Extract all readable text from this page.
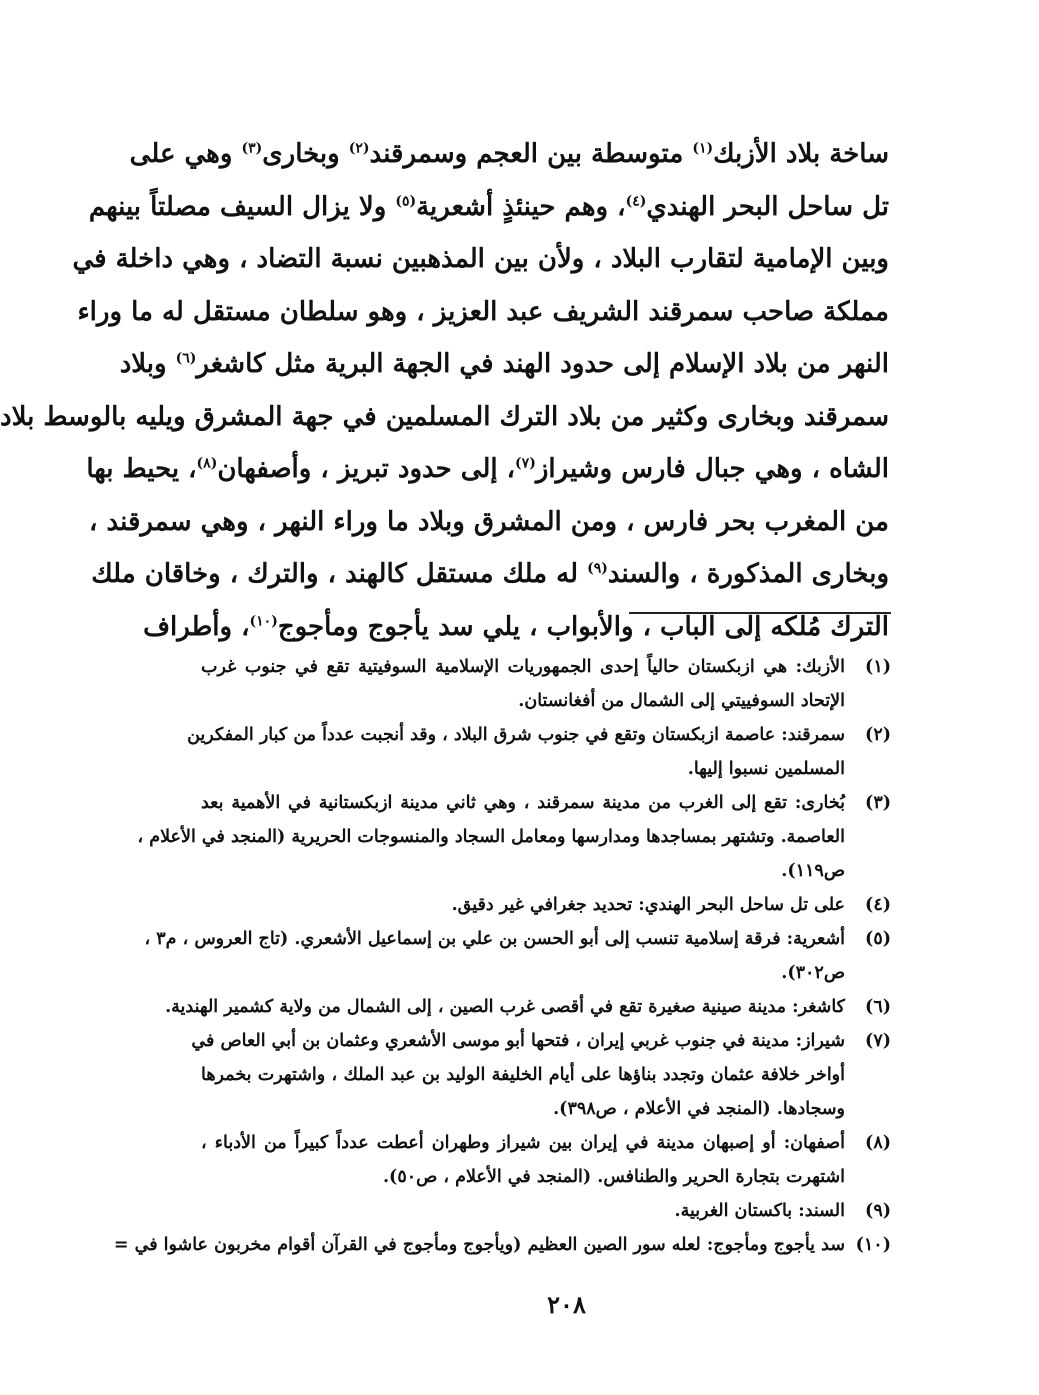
ساخة بلاد الأزبك$^{(١)}$ متوسطة بين العجم وسمرقند$^{(٢)}$ وبخارى$^{(٣)}$ وهي على
تل ساحل البحر الهندي$^{(٤)}$، وهم حينئذٍ أشعرية$^{(٥)}$ ولا يزال السيف مصلتاً بينهم
وبين الإمامية لتقارب البلاد ، ولأن بين المذهبين نسبة التضاد ، وهي داخلة في
مملكة صاحب سمرقند الشريف عبد العزيز ، وهو سلطان مستقل له ما وراء
النهر من بلاد الإسلام إلى حدود الهند في الجهة البرية مثل كاشغر$^{(٦)}$ وبلاد
سمرقند وبخارى وكثير من بلاد الترك المسلمين في جهة المشرق ويليه بالوسط بلاد
الشاه ، وهي جبال فارس وشيراز$^{(٧)}$، إلى حدود تبريز ، وأصفهان$^{(٨)}$، يحيط بها
من المغرب بحر فارس ، ومن المشرق وبلاد ما وراء النهر ، وهي سمرقند ،
وبخارى المذكورة ، والسند$^{(٩)}$ له ملك مستقل كالهند ، والترك ، وخاقان ملك
الترك مُلكه إلى الباب ، والأبواب ، يلي سد يأجوج ومأجوج$^{(١٠)}$، وأطراف
(١)
الأزبك: هي ازبكستان حالياً إحدى الجمهوريات الإسلامية السوفيتية تقع في جنوب غرب
الإتحاد السوفييتي إلى الشمال من أفغانستان.
(٢)
سمرقند: عاصمة ازبكستان وتقع في جنوب شرق البلاد ، وقد أنجبت عدداً من كبار المفكرين
المسلمين نسبوا إليها.
(٣)
بُخارى: تقع إلى الغرب من مدينة سمرقند ، وهي ثاني مدينة ازبكستانية في الأهمية بعد
العاصمة. وتشتهر بمساجدها ومدارسها ومعامل السجاد والمنسوجات الحريرية (المنجد في الأعلام ،
ص١١٩).
(٤)
على تل ساحل البحر الهندي: تحديد جغرافي غير دقيق.
(٥)
أشعرية: فرقة إسلامية تنسب إلى أبو الحسن بن علي بن إسماعيل الأشعري. (تاج العروس ، م٣ ،
ص٣٠٢).
(٦)
كاشغر: مدينة صينية صغيرة تقع في أقصى غرب الصين ، إلى الشمال من ولاية كشمير الهندية.
(٧)
شيراز: مدينة في جنوب غربي إيران ، فتحها أبو موسى الأشعري وعثمان بن أبي العاص في
أواخر خلافة عثمان وتجدد بناؤها على أيام الخليفة الوليد بن عبد الملك ، واشتهرت بخمرها
وسجادها. (المنجد في الأعلام ، ص٣٩٨).
(٨)
أصفهان: أو إصبهان مدينة في إيران بين شيراز وطهران أعطت عدداً كبيراً من الأدباء ،
اشتهرت بتجارة الحرير والطنافس. (المنجد في الأعلام ، ص٥٠).
(٩)
السند: باكستان الغربية.
(١٠)
سد يأجوج ومأجوج: لعله سور الصين العظيم (ويأجوج ومأجوج في القرآن أقوام مخربون عاشوا في =
٢٠٨
